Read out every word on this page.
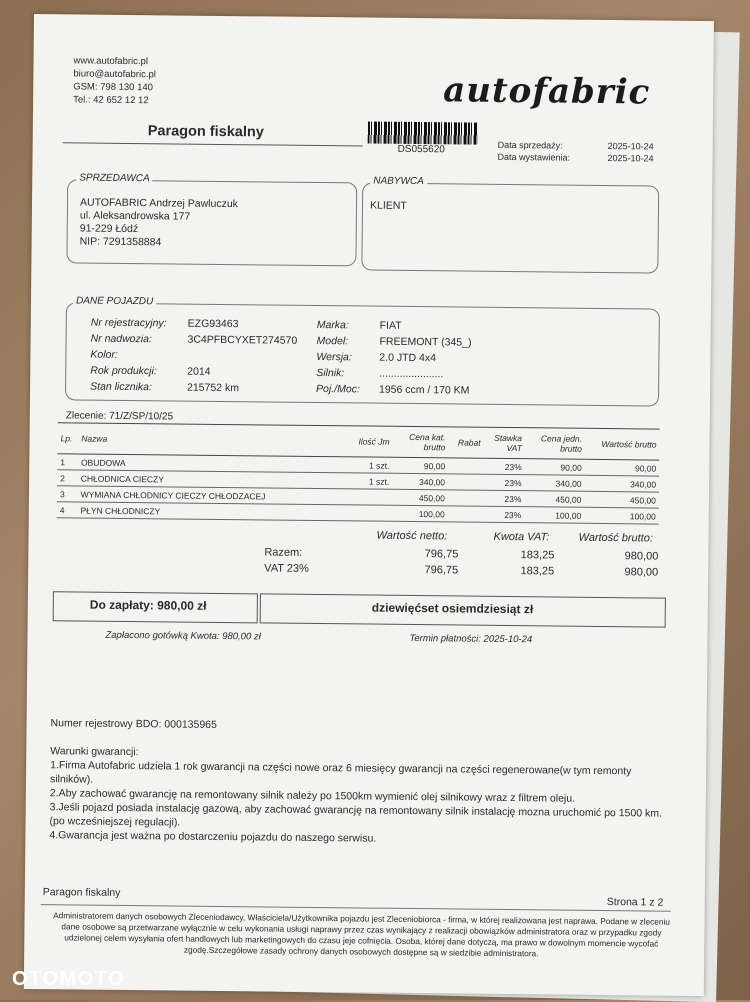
www.autofabric.pl
biuro@autofabric.pl
GSM: 798 130 140
Tel.: 42 652 12 12	autofabric
Paragon fiskalny
DS055620	Data sprzedaży:	2025-10-24
Data wystawienia:	2025-10-24
SPRZEDAWCA
AUTOFABRIC Andrzej Pawluczuk
ul. Aleksandrowska 177
91-229 Łódź
NIP: 7291358884
NABYWCA
KLIENT
DANE POJAZDU
Nr rejestracyjny: EZG93463
Nr nadwozia:	3C4PFBCYXET274570
Kolor:
Rok produkcji:	2014
Stan licznika:	215752 km
Marka:	FIAT
Model:	FREEMONT (345_)
Wersja:	2.0 JTD 4x4
Silnik:	......................
Poj./Moc: 1956 ccm / 170 KM
Zlecenie: 71/Z/SP/10/25
Lp.	Nazwa	Ilość Jm	Cena kat. brutto	Rabat	Stawka VAT	Cena jedn. brutto	Wartość brutto
1	OBUDOWA	1 szt.	90,00		23%	90,00	90,00
2	CHŁODNICA CIECZY	1 szt.	340,00		23%	340,00	340,00
3	WYMIANA CHŁODNICY CIECZY CHŁODZACEJ		450,00		23%	450,00	450,00
4	PŁYN CHŁODNICZY		100,00		23%	100,00	100,00
Wartość netto:	Kwota VAT:	Wartość brutto:
Razem:	796,75	183,25	980,00
VAT 23%	796,75	183,25	980,00
Do zapłaty: 980,00 zł	dziewięćset osiemdziesiąt zł
Zapłacono gotówką Kwota: 980,00 zł	Termin płatności: 2025-10-24
Numer rejestrowy BDO: 000135965
Warunki gwarancji:
1.Firma Autofabric udziela 1 rok gwarancji na części nowe oraz 6 miesięcy gwarancji na części regenerowane(w tym remonty silników).
2.Aby zachować gwarancję na remontowany silnik należy po 1500km wymienić olej silnikowy wraz z filtrem oleju.
3.Jeśli pojazd posiada instalację gazową, aby zachować gwarancję na remontowany silnik instalację mozna uruchomić po 1500 km. (po wcześniejszej regulacji).
4.Gwarancja jest ważna po dostarczeniu pojazdu do naszego serwisu.
Paragon fiskalny
Strona 1 z 2
Administratorem danych osobowych Zleceniodawcy, Właściciela/Użytkownika pojazdu jest Zleceniobiorca - firma, w której realizowana jest naprawa. Podane w zleceniu dane osobowe są przetwarzane wyłącznie w celu wykonania usługi naprawy przez czas wynikający z realizacji obowiązków administratora oraz w przypadku zgody udzielonej celem wysyłania ofert handlowych lub marketingowych do czasu jeje cofnięcia. Osoba, której dane dotyczą, ma prawo w dowolnym momencie wycofać zgodę.Szczegółowe zasady ochrony danych osobowych dostępne są w siedzibie administratora.
OTOMOTO
